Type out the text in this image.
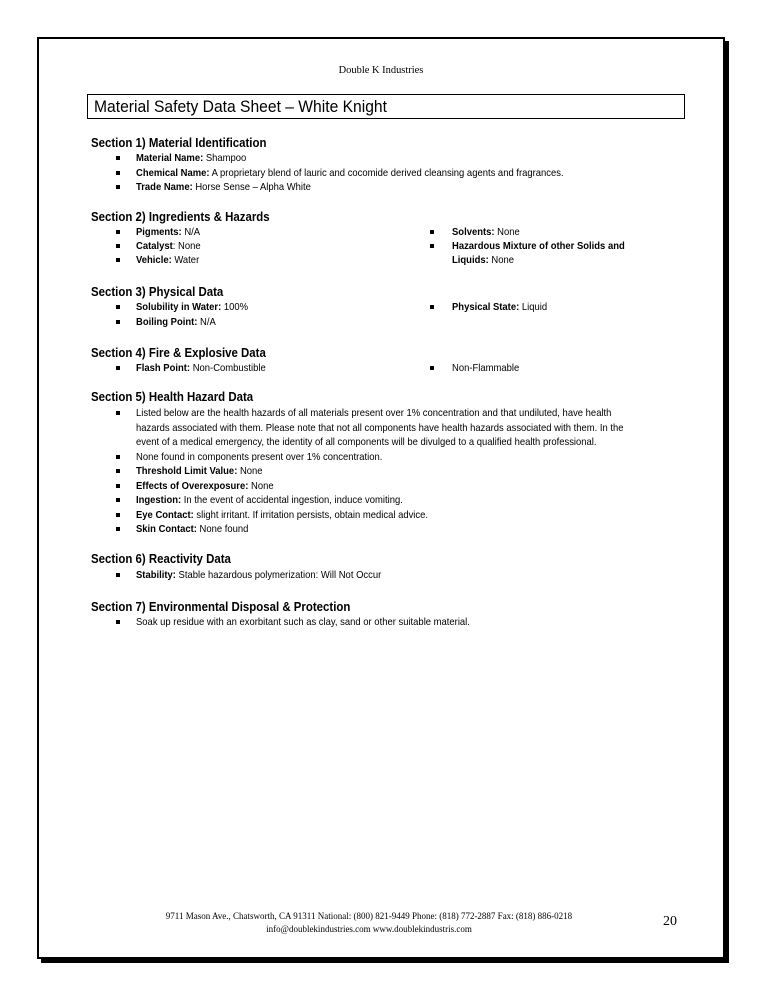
Double K Industries
Material Safety Data Sheet – White Knight
Section 1) Material Identification
Material Name: Shampoo
Chemical Name: A proprietary blend of lauric and cocomide derived cleansing agents and fragrances.
Trade Name: Horse Sense – Alpha White
Section 2) Ingredients & Hazards
Pigments: N/A
Catalyst: None
Vehicle: Water
Solvents: None
Hazardous Mixture of other Solids and
Liquids: None
Section 3) Physical Data
Solubility in Water: 100%
Boiling Point: N/A
Physical State: Liquid
Section 4) Fire & Explosive Data
Flash Point: Non-Combustible	Non-Flammable
Section 5) Health Hazard Data
Listed below are the health hazards of all materials present over 1% concentration and that undiluted, have health
hazards associated with them. Please note that not all components have health hazards associated with them. In the
event of a medical emergency, the identity of all components will be divulged to a qualified health professional.
None found in components present over 1% concentration.
Threshold Limit Value: None
Effects of Overexposure: None
Ingestion: In the event of accidental ingestion, induce vomiting.
Eye Contact: slight irritant. If irritation persists, obtain medical advice.
Skin Contact: None found
Section 6) Reactivity Data
Stability: Stable hazardous polymerization: Will Not Occur
Section 7) Environmental Disposal & Protection
Soak up residue with an exorbitant such as clay, sand or other suitable material.
9711 Mason Ave., Chatsworth, CA 91311 National: (800) 821-9449 Phone: (818) 772-2887 Fax: (818) 886-0218
info@doublekindustries.com www.doublekindustris.com	20
